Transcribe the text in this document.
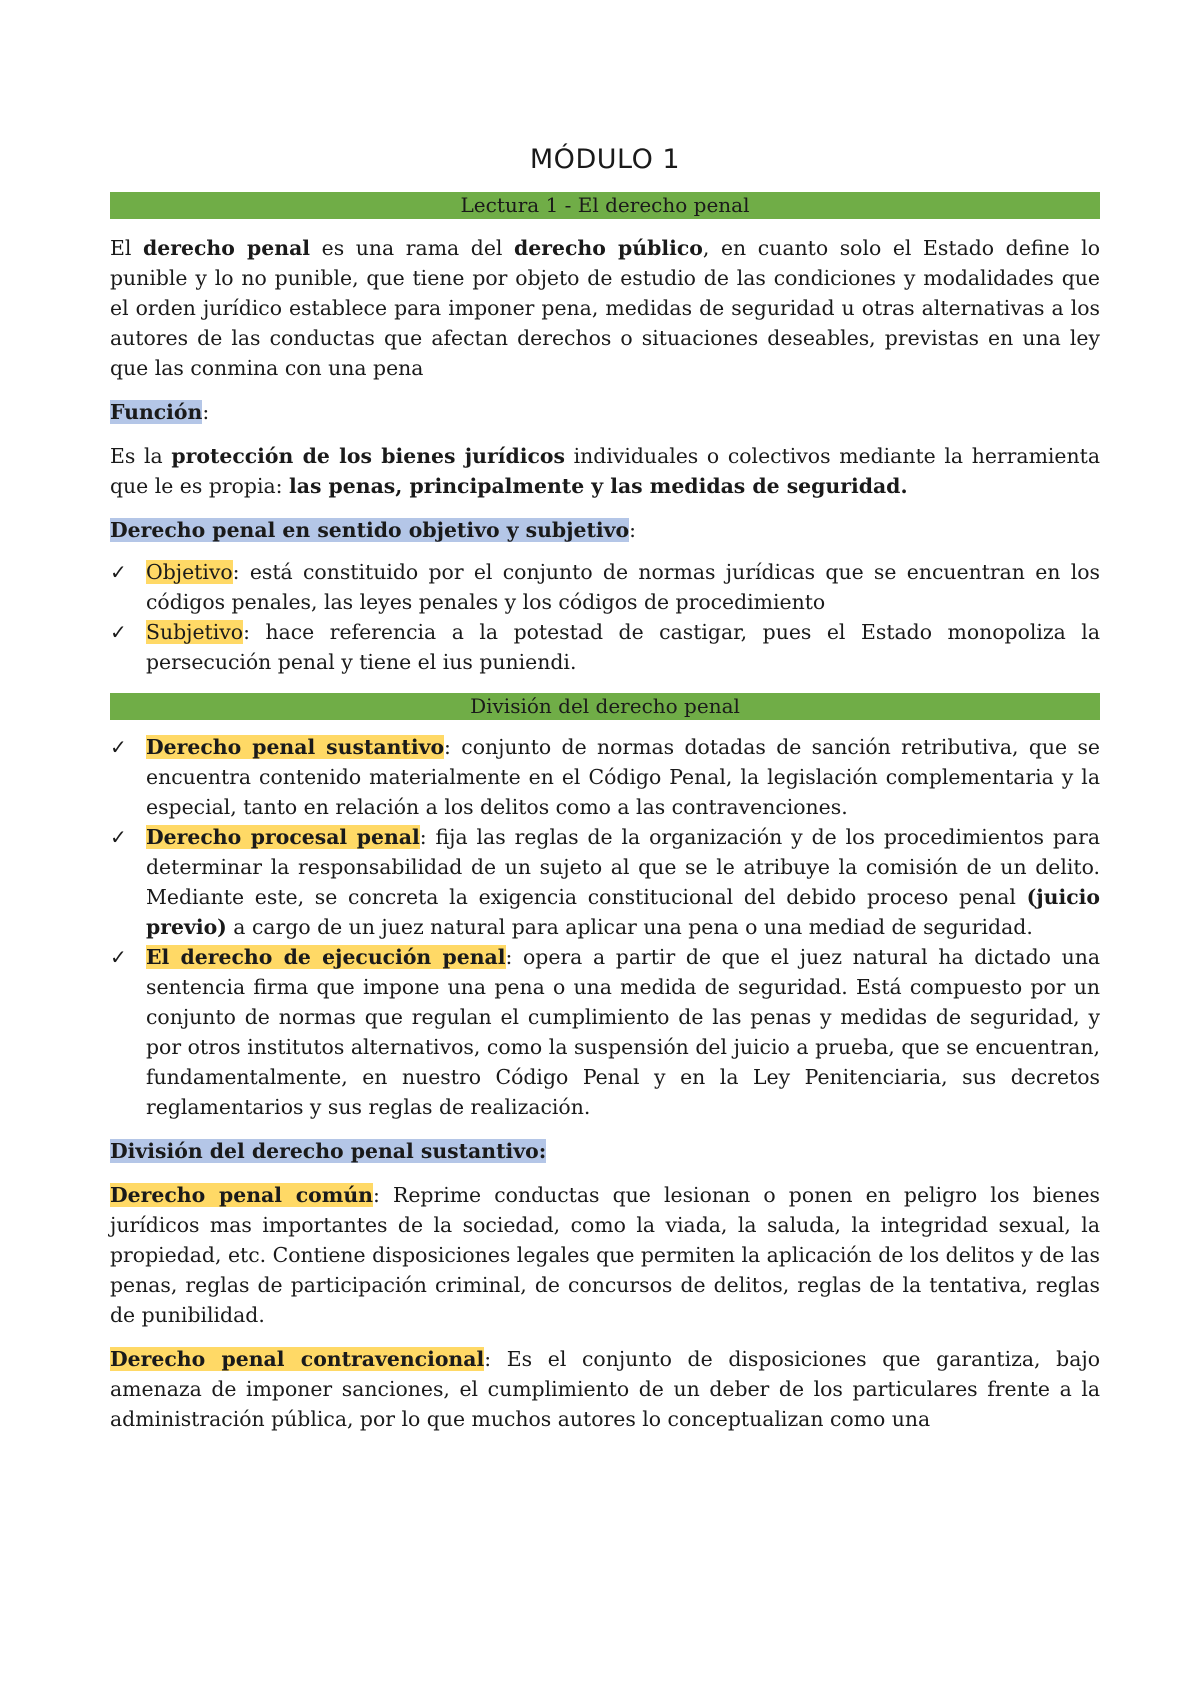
MÓDULO 1
Lectura 1 - El derecho penal

El derecho penal es una rama del derecho público, en cuanto solo el Estado define lo punible y lo no punible, que tiene por objeto de estudio de las condiciones y modalidades que el orden jurídico establece para imponer pena, medidas de seguridad u otras alternativas a los autores de las conductas que afectan derechos o situaciones deseables, previstas en una ley que las conmina con una pena

Función:

Es la protección de los bienes jurídicos individuales o colectivos mediante la herramienta que le es propia: las penas, principalmente y las medidas de seguridad.

Derecho penal en sentido objetivo y subjetivo:

✓ Objetivo: está constituido por el conjunto de normas jurídicas que se encuentran en los códigos penales, las leyes penales y los códigos de procedimiento
✓ Subjetivo: hace referencia a la potestad de castigar, pues el Estado monopoliza la persecución penal y tiene el ius puniendi.
División del derecho penal
✓ Derecho penal sustantivo: conjunto de normas dotadas de sanción retributiva, que se encuentra contenido materialmente en el Código Penal, la legislación complementaria y la especial, tanto en relación a los delitos como a las contravenciones.
✓ Derecho procesal penal: fija las reglas de la organización y de los procedimientos para determinar la responsabilidad de un sujeto al que se le atribuye la comisión de un delito. Mediante este, se concreta la exigencia constitucional del debido proceso penal (juicio previo) a cargo de un juez natural para aplicar una pena o una mediad de seguridad.
✓ El derecho de ejecución penal: opera a partir de que el juez natural ha dictado una sentencia firma que impone una pena o una medida de seguridad. Está compuesto por un conjunto de normas que regulan el cumplimiento de las penas y medidas de seguridad, y por otros institutos alternativos, como la suspensión del juicio a prueba, que se encuentran, fundamentalmente, en nuestro Código Penal y en la Ley Penitenciaria, sus decretos reglamentarios y sus reglas de realización.

División del derecho penal sustantivo:

Derecho penal común: Reprime conductas que lesionan o ponen en peligro los bienes jurídicos mas importantes de la sociedad, como la viada, la saluda, la integridad sexual, la propiedad, etc. Contiene disposiciones legales que permiten la aplicación de los delitos y de las penas, reglas de participación criminal, de concursos de delitos, reglas de la tentativa, reglas de punibilidad.

Derecho penal contravencional: Es el conjunto de disposiciones que garantiza, bajo amenaza de imponer sanciones, el cumplimiento de un deber de los particulares frente a la administración pública, por lo que muchos autores lo conceptualizan como una
